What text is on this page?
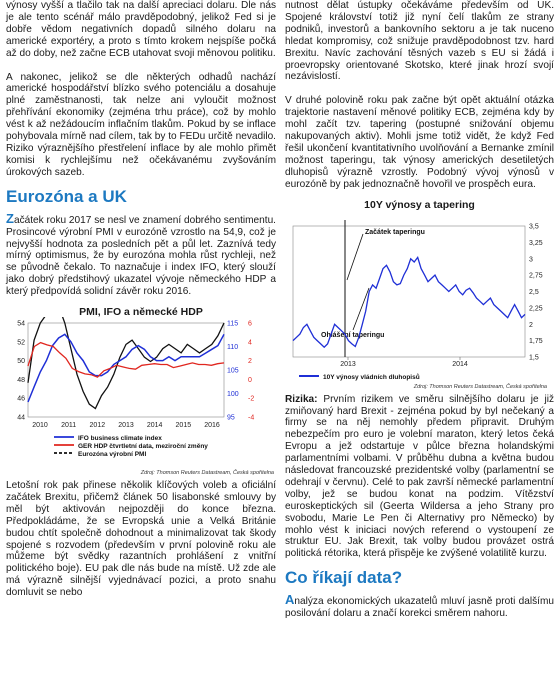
výnosy vyšší a tlačilo tak na další apreciaci dolaru. Dle nás je ale tento scénář málo pravděpodobný, jelikož Fed si je dobře vědom negativních dopadů silného dolaru na americké exportéry, a proto s tímto krokem nejspíše počká až do doby, než začne ECB utahovat svoji měnovou politiku.

A nakonec, jelikož se dle některých odhadů nachází americké hospodářství blízko svého potenciálu a dosahuje plné zaměstnanosti, tak nelze ani vyloučit možnost přehřívání ekonomiky (zejména trhu práce), což by mohlo vést k až nežádoucím inflačním tlakům. Pokud by se inflace pohybovala mírně nad cílem, tak by to FEDu určitě nevadilo. Riziko výraznějšího přestřelení inflace by ale mohlo přimět komisi k rychlejšímu než očekávanému zvyšováním úrokových sazeb.

Eurozóna a UK

Začátek roku 2017 se nesl ve znamení dobrého sentimentu. Prosincové výrobní PMI v eurozóně vzrostlo na 54,9, což je nejvyšší hodnota za posledních pět a půl let. Zaznívá tedy mírný optimismus, že by eurozóna mohla růst rychleji, než se původně čekalo. To naznačuje i index IFO, který slouží jako dobrý předstihový ukazatel vývoje německého HDP a který předpovídá solidní závěr roku 2016.

PMI, IFO a německé HDP
44
46
48
50
52
54
95
100
105
110
115
-4
-2
0
2
4
6
2010 2011 2012 2013 2014 2015 2016
IFO business climate index
GER HDP čtvrtletní data, meziroční změny
Eurozóna výrobní PMI
Zdroj: Thomson Reuters Datastream, Česká spořitelna

Letošní rok pak přinese několik klíčových voleb a oficiální začátek Brexitu, přičemž článek 50 lisabonské smlouvy by měl být aktivován nejpozději do konce března. Předpokládáme, že se Evropská unie a Velká Británie budou chtít společně dohodnout a minimalizovat tak škody spojené s rozvodem (především v první polovině roku ale můžeme být svědky razantních prohlášení z vnitřní politického boje). EU pak dle nás bude na místě. Už zde ale má výrazně silnější vyjednávací pozici, a proto snahu domluvit se nebo

nutnost dělat ústupky očekáváme především od UK. Spojené království totiž již nyní čelí tlakům ze strany podniků, investorů a bankovního sektoru a je tak nuceno hledat kompromisy, což snižuje pravděpodobnost tzv. hard Brexitu. Navíc zachování těsných vazeb s EU si žádá i proevropsky orientované Skotsko, které jinak hrozí svojí nezávislostí.

V druhé polovině roku pak začne být opět aktuální otázka trajektorie nastavení měnové politiky ECB, zejména kdy by mohl začít tzv. tapering (postupné snižování objemu nakupovaných aktiv). Mohli jsme totiž vidět, že když Fed řešil ukončení kvantitativního uvolňování a Bernanke zmínil možnost taperingu, tak výnosy amerických desetiletých dluhopisů výrazně vzrostly. Podobný vývoj výnosů v eurozóně by pak jednoznačně hovořil ve prospěch eura.

10Y výnosy a tapering
1,5
1,75
2
2,25
2,5
2,75
3
3,25
3,5
2013	2014
Začátek taperingu
Ohlášení taperingu
10Y výnosy vládních dluhopisů
Zdroj: Thomson Reuters Datastream, Česká spořitelna

Rizika: Prvním rizikem ve směru silnějšího dolaru je již zmiňovaný hard Brexit - zejména pokud by byl nečekaný a firmy se na něj nemohly předem připravit. Druhým nebezpečím pro euro je volební maraton, který letos čeká Evropu a jež odstartuje v půlce března holandskými parlamentními volbami. V průběhu dubna a května budou následovat francouzské prezidentské volby (parlamentní se odehrají v červnu). Celé to pak završí německé parlamentní volby, jež se budou konat na podzim. Vítězství euroskeptických sil (Geerta Wildersa a jeho Strany pro svobodu, Marie Le Pen či Alternativy pro Německo) by mohlo vést k iniciaci nových referend o vystoupení ze struktur EU. Jak Brexit, tak volby budou provázet ostrá politická rétorika, která přispěje ke zvýšené volatilitě kurzu.

Co říkají data?

Analýza ekonomických ukazatelů mluví jasně proti dalšímu posilování dolaru a značí korekci směrem nahoru.
